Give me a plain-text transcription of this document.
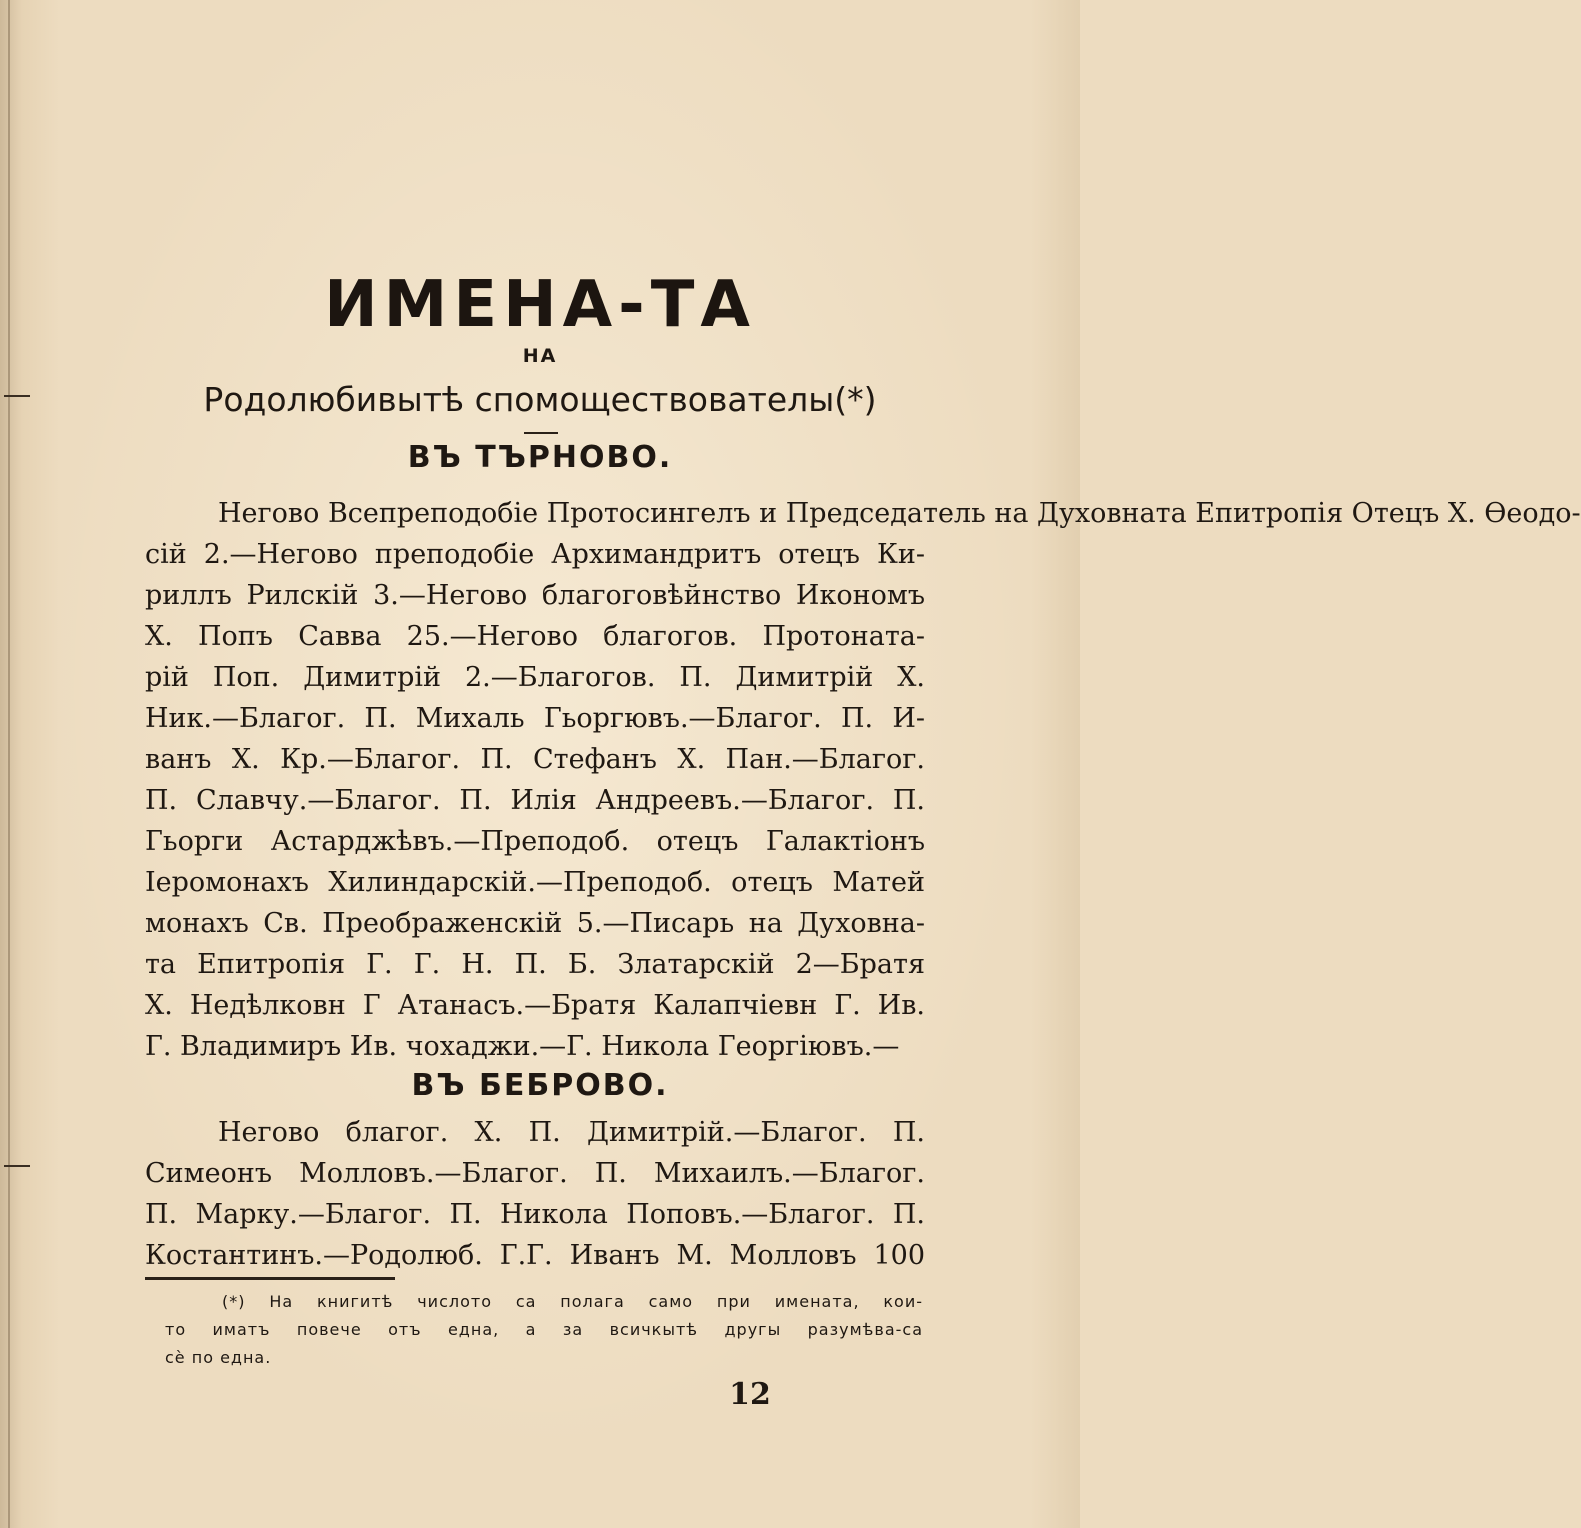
ИМЕНА-ТА
НА
Родолюбивытѣ спомоществователы(*)
ВЪ ТЪРНОВО.
Негово Всепреподобіе Протосингелъ и Председатель на Духовната Епитропія Отецъ Х. Ѳеодо-
сій 2.—Негово преподобіе Архимандритъ отецъ Ки-
риллъ Рилскій 3.—Негово благоговѣйнство Икономъ
Х. Попъ Савва 25.—Негово благогов. Протоната-
рій Поп. Димитрій 2.—Благогов. П. Димитрій Х.
Ник.—Благог. П. Михаль Гьоргювъ.—Благог. П. И-
ванъ Х. Кр.—Благог. П. Стефанъ Х. Пан.—Благог.
П. Славчу.—Благог. П. Илія Андреевъ.—Благог. П.
Гьорги Астарджѣвъ.—Преподоб. отецъ Галактіонъ
Іеромонахъ Хилиндарскій.—Преподоб. отецъ Матей
монахъ Св. Преображенскій 5.—Писарь на Духовна-
та Епитропія Г. Г. Н. П. Б. Златарскій 2—Братя
Х. Недѣлковн Г Атанасъ.—Братя Калапчіевн Г. Ив.
Г. Владимиръ Ив. чохаджи.—Г. Никола Георгіювъ.—
ВЪ БЕБРОВО.
Негово благог. Х. П. Димитрій.—Благог. П.
Симеонъ Молловъ.—Благог. П. Михаилъ.—Благог.
П. Марку.—Благог. П. Никола Поповъ.—Благог. П.
Костантинъ.—Родолюб. Г.Г. Иванъ М. Молловъ 100
(*) На книгитѣ числото са полага само при имената, кои-
то иматъ повече отъ една, а за всичкытѣ другы разумѣва-са
сѐ по една.
12
